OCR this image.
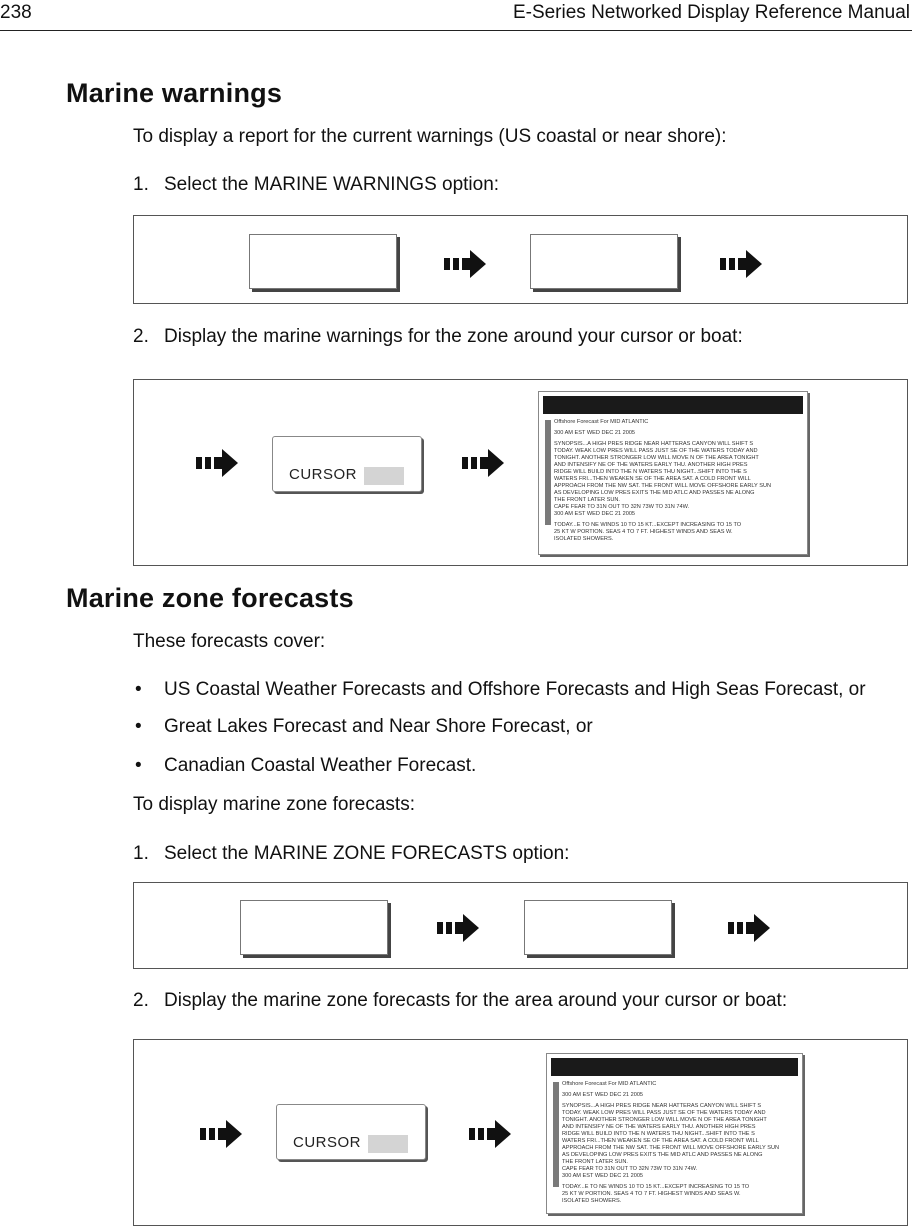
238	E-Series Networked Display Reference Manual
Marine warnings
To display a report for the current warnings (US coastal or near shore):
1. Select the MARINE WARNINGS option:
2. Display the marine warnings for the zone around your cursor or boat:
CURSOR
Offshore Forecast For MID ATLANTIC
300 AM EST WED DEC 21 2005
SYNOPSIS...A HIGH PRES RIDGE NEAR HATTERAS CANYON WILL SHIFT S
TODAY. WEAK LOW PRES WILL PASS JUST SE OF THE WATERS TODAY AND
TONIGHT. ANOTHER STRONGER LOW WILL MOVE N OF THE AREA TONIGHT
AND INTENSIFY NE OF THE WATERS EARLY THU. ANOTHER HIGH PRES
RIDGE WILL BUILD INTO THE N WATERS THU NIGHT...SHIFT INTO THE S
WATERS FRI...THEN WEAKEN SE OF THE AREA SAT. A COLD FRONT WILL
APPROACH FROM THE NW SAT. THE FRONT WILL MOVE OFFSHORE EARLY SUN
AS DEVELOPING LOW PRES EXITS THE MID ATLC AND PASSES NE ALONG
THE FRONT LATER SUN.
CAPE FEAR TO 31N OUT TO 32N 73W TO 31N 74W.
300 AM EST WED DEC 21 2005
TODAY...E TO NE WINDS 10 TO 15 KT...EXCEPT INCREASING TO 15 TO
25 KT W PORTION. SEAS 4 TO 7 FT. HIGHEST WINDS AND SEAS W.
ISOLATED SHOWERS.
Marine zone forecasts
These forecasts cover:
• US Coastal Weather Forecasts and Offshore Forecasts and High Seas Forecast, or
• Great Lakes Forecast and Near Shore Forecast, or
• Canadian Coastal Weather Forecast.
To display marine zone forecasts:
1. Select the MARINE ZONE FORECASTS option:
2. Display the marine zone forecasts for the area around your cursor or boat:
CURSOR
Offshore Forecast For MID ATLANTIC
300 AM EST WED DEC 21 2005
SYNOPSIS...A HIGH PRES RIDGE NEAR HATTERAS CANYON WILL SHIFT S
TODAY. WEAK LOW PRES WILL PASS JUST SE OF THE WATERS TODAY AND
TONIGHT. ANOTHER STRONGER LOW WILL MOVE N OF THE AREA TONIGHT
AND INTENSIFY NE OF THE WATERS EARLY THU. ANOTHER HIGH PRES
RIDGE WILL BUILD INTO THE N WATERS THU NIGHT...SHIFT INTO THE S
WATERS FRI...THEN WEAKEN SE OF THE AREA SAT. A COLD FRONT WILL
APPROACH FROM THE NW SAT. THE FRONT WILL MOVE OFFSHORE EARLY SUN
AS DEVELOPING LOW PRES EXITS THE MID ATLC AND PASSES NE ALONG
THE FRONT LATER SUN.
CAPE FEAR TO 31N OUT TO 32N 73W TO 31N 74W.
300 AM EST WED DEC 21 2005
TODAY...E TO NE WINDS 10 TO 15 KT...EXCEPT INCREASING TO 15 TO
25 KT W PORTION. SEAS 4 TO 7 FT. HIGHEST WINDS AND SEAS W.
ISOLATED SHOWERS.
